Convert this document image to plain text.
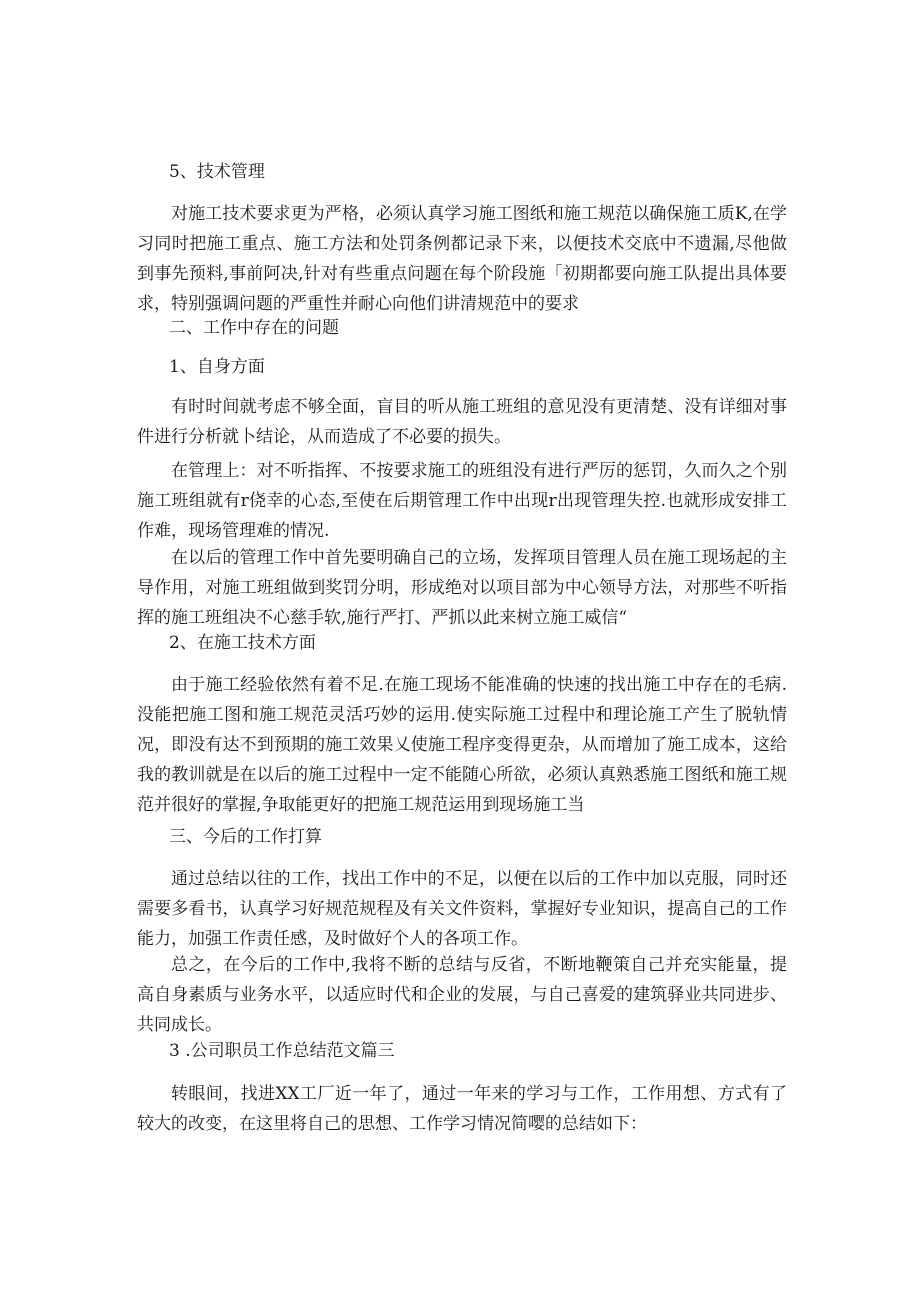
5、技术管理

对施工技术要求更为严格，必须认真学习施工图纸和施工规范以确保施工质K,在学习同时把施工重点、施工方法和处罚条例都记录下来，以便技术交底中不遗漏,尽他做到事先预料,事前阿决,针对有些重点问题在每个阶段施「初期都要向施工队提出具体要求，特别强调问题的严重性并耐心向他们讲清规范中的要求

二、工作中存在的问题

1、自身方面

有时时间就考虑不够全面，盲目的听从施工班组的意见没有更清楚、没有详细对事件进行分析就卜结论，从而造成了不必要的损失。

在管理上：对不听指挥、不按要求施工的班组没有进行严厉的惩罚，久而久之个别施工班组就有r侥幸的心态,至使在后期管理工作中出现r出现管理失控.也就形成安排工作难，现场管理难的情况.

在以后的管理工作中首先要明确自己的立场，发挥项目管理人员在施工现场起的主导作用，对施工班组做到奖罚分明，形成绝对以项目部为中心领导方法，对那些不听指挥的施工班组决不心慈手软,施行严打、严抓以此来树立施工威信“

2、在施工技术方面

由于施工经验依然有着不足.在施工现场不能准确的快速的找出施工中存在的毛病.没能把施工图和施工规范灵活巧妙的运用.使实际施工过程中和理论施工产生了脱轨情况，即没有达不到预期的施工效果乂使施工程序变得更杂，从而增加了施工成本，这给我的教训就是在以后的施工过程中一定不能随心所欲，必须认真熟悉施工图纸和施工规范并很好的掌握,争取能更好的把施工规范运用到现场施工当

三、今后的工作打算

通过总结以往的工作，找出工作中的不足，以便在以后的工作中加以克服，同时还需要多看书，认真学习好规范规程及有关文件资料，掌握好专业知识，提高自己的工作能力，加强工作责任感，及时做好个人的各项工作。

总之，在今后的工作中,我将不断的总结与反省，不断地鞭策自己并充实能量，提高自身素质与业务水平，以适应时代和企业的发展，与自己喜爱的建筑驿业共同进步、共同成长。

3 .公司职员工作总结范文篇三

转眼间，找进XX工厂近一年了，通过一年来的学习与工作，工作用想、方式有了较大的改变，在这里将自己的思想、工作学习情况简嘤的总结如下：
